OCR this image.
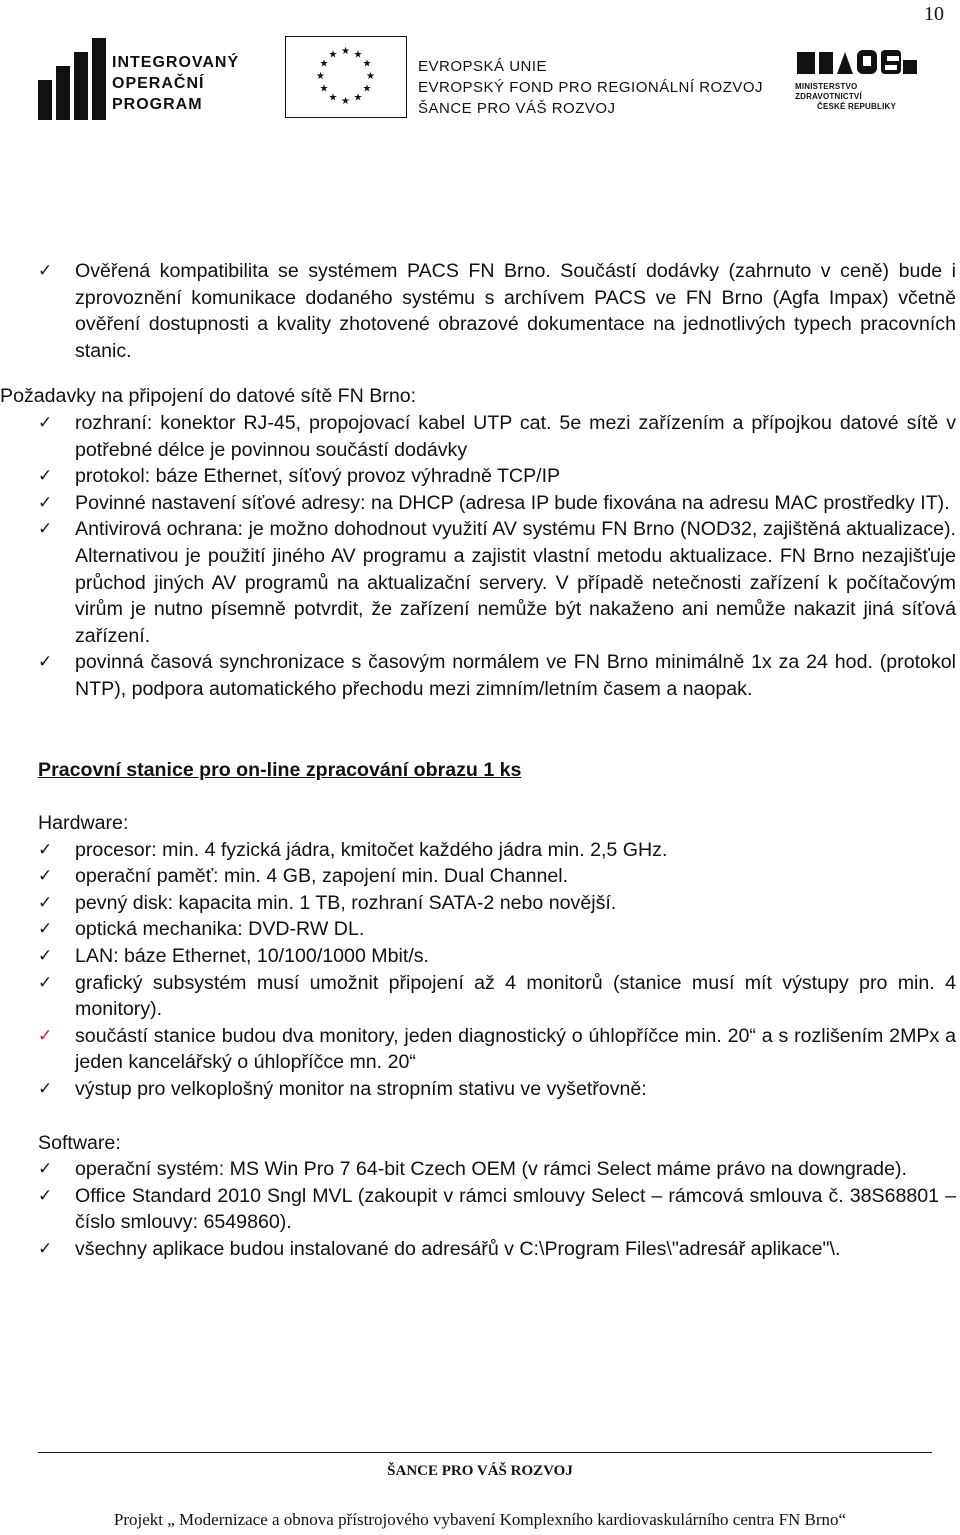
10
INTEGROVANÝ
OPERAČNÍ
PROGRAM
★ ★
★
★
★
★
★
★
★
★
★
★
EVROPSKÁ UNIE
EVROPSKÝ FOND PRO REGIONÁLNÍ ROZVOJ
ŠANCE PRO VÁŠ ROZVOJ
MINISTERSTVO ZDRAVOTNICTVÍ
ČESKÉ REPUBLIKY
✓ Ověřená kompatibilita se systémem PACS FN Brno. Součástí dodávky (zahrnuto v ceně) bude i zprovoznění komunikace dodaného systému s archívem PACS ve FN Brno (Agfa Impax) včetně ověření dostupnosti a kvality zhotovené obrazové dokumentace na jednotlivých typech pracovních stanic.
Požadavky na připojení do datové sítě FN Brno:
✓ rozhraní: konektor RJ-45, propojovací kabel UTP cat. 5e mezi zařízením a přípojkou datové sítě v potřebné délce je povinnou součástí dodávky
✓ protokol: báze Ethernet, síťový provoz výhradně TCP/IP
✓ Povinné nastavení síťové adresy: na DHCP (adresa IP bude fixována na adresu MAC prostředky IT).
✓ Antivirová ochrana: je možno dohodnout využití AV systému FN Brno (NOD32, zajištěná aktualizace). Alternativou je použití jiného AV programu a zajistit vlastní metodu aktualizace. FN Brno nezajišťuje průchod jiných AV programů na aktualizační servery. V případě netečnosti zařízení k počítačovým virům je nutno písemně potvrdit, že zařízení nemůže být nakaženo ani nemůže nakazit jiná síťová zařízení.
✓ povinná časová synchronizace s časovým normálem ve FN Brno minimálně 1x za 24 hod. (protokol NTP), podpora automatického přechodu mezi zimním/letním časem a naopak.
Pracovní stanice pro on-line zpracování obrazu 1 ks
Hardware:
✓ procesor: min. 4 fyzická jádra, kmitočet každého jádra min. 2,5 GHz.
✓ operační paměť: min. 4 GB, zapojení min. Dual Channel.
✓ pevný disk: kapacita min. 1 TB, rozhraní SATA-2 nebo novější.
✓ optická mechanika: DVD-RW DL.
✓ LAN: báze Ethernet, 10/100/1000 Mbit/s.
✓ grafický subsystém musí umožnit připojení až 4 monitorů (stanice musí mít výstupy pro min. 4 monitory).
✓ součástí stanice budou dva monitory, jeden diagnostický o úhlopříčce min. 20“ a s rozlišením 2MPx a jeden kancelářský o úhlopříčce mn. 20“
✓ výstup pro velkoplošný monitor na stropním stativu ve vyšetřovně:
Software:
✓ operační systém: MS Win Pro 7 64-bit Czech OEM (v rámci Select máme právo na downgrade).
✓ Office Standard 2010 Sngl MVL (zakoupit v rámci smlouvy Select – rámcová smlouva č. 38S68801 – číslo smlouvy: 6549860).
✓ všechny aplikace budou instalované do adresářů v C:\Program Files\"adresář aplikace"\.
ŠANCE PRO VÁŠ ROZVOJ
Projekt „ Modernizace a obnova přístrojového vybavení Komplexního kardiovaskulárního centra FN Brno“
